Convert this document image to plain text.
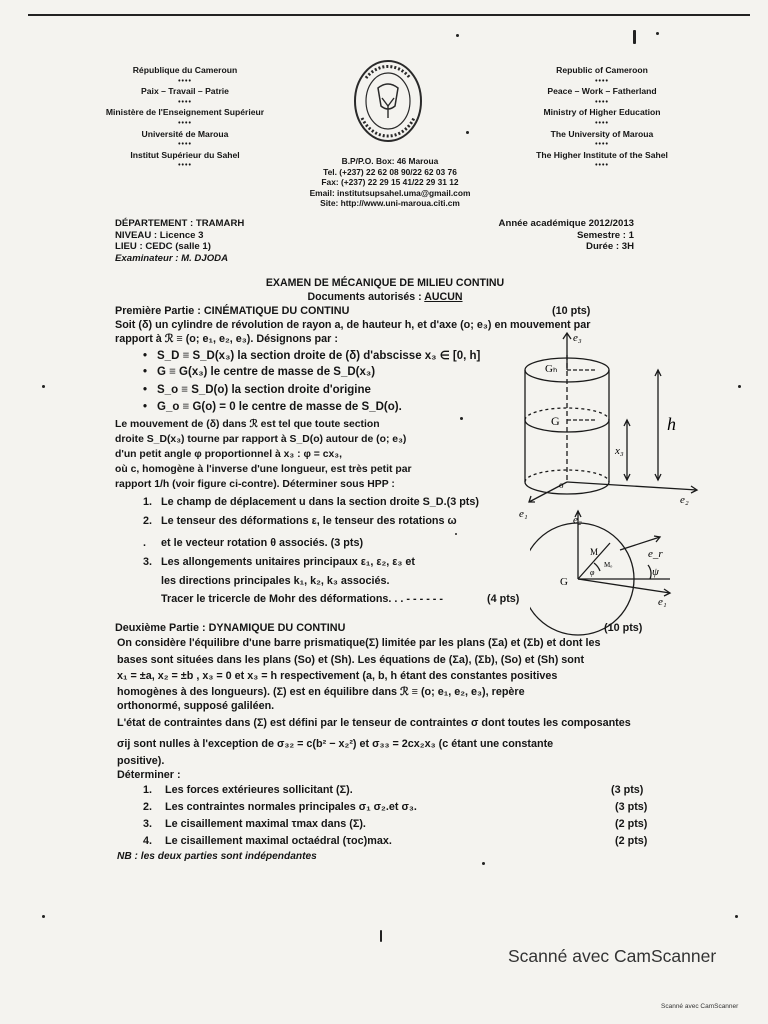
République du Cameroun
••••
Paix – Travail – Patrie
••••
Ministère de l'Enseignement Supérieur
••••
Université de Maroua
••••
Institut Supérieur du Sahel
••••
Republic of Cameroon
••••
Peace – Work – Fatherland
••••
Ministry of Higher Education
••••
The University of Maroua
••••
The Higher Institute of the Sahel
••••
B.P/P.O. Box: 46 Maroua
Tel. (+237) 22 62 08 90/22 62 03 76
Fax: (+237) 22 29 15 41/22 29 31 12
Email: institutsupsahel.uma@gmail.com
Site: http://www.uni-maroua.citi.cm
DÉPARTEMENT : TRAMARH
NIVEAU : Licence 3
LIEU : CEDC (salle 1)
Examinateur : M. DJODA
Année académique 2012/2013
Semestre : 1
Durée : 3H
EXAMEN DE MÉCANIQUE DE MILIEU CONTINU
Documents autorisés : AUCUN
Première Partie : CINÉMATIQUE DU CONTINU	(10 pts)
Soit (δ) un cylindre de révolution de rayon a, de hauteur h, et d'axe (o; e₃) en mouvement par
rapport à ℛ ≡ (o; e₁, e₂, e₃). Désignons par :
• S_D ≡ S_D(x₃) la section droite de (δ) d'abscisse x₃ ∈ [0, h]
• G ≡ G(x₃) le centre de masse de S_D(x₃)
• S_o ≡ S_D(o) la section droite d'origine
• G_o ≡ G(o) = 0 le centre de masse de S_D(o).
Le mouvement de (δ) dans ℛ est tel que toute section
droite S_D(x₃) tourne par rapport à S_D(o) autour de (o; e₃)
d'un petit angle φ proportionnel à x₃ : φ = cx₃,
où c, homogène à l'inverse d'une longueur, est très petit par
rapport 1/h (voir figure ci-contre). Déterminer sous HPP :
1. Le champ de déplacement u dans la section droite S_D.(3 pts)
2. Le tenseur des déformations ε, le tenseur des rotations ω
. et le vecteur rotation θ associés. (3 pts)
3. Les allongements unitaires principaux ε₁, ε₂, ε₃ et
les directions principales k₁, k₂, k₃ associés.
Tracer le tricercle de Mohr des déformations. . . - - - - - -	(4 pts)
e₃
Gₕ
G	h
x₃
o
e₂
e₁	e₂
e_r
e₁
M
G
ψ
Mₒ
φ
Deuxième Partie : DYNAMIQUE DU CONTINU	(10 pts)
On considère l'équilibre d'une barre prismatique(Σ) limitée par les plans (Σa) et (Σb) et dont les
bases sont situées dans les plans (So) et (Sh). Les équations de (Σa), (Σb), (So) et (Sh) sont
x₁ = ±a, x₂ = ±b , x₃ = 0 et x₃ = h respectivement (a, b, h étant des constantes positives
homogènes à des longueurs). (Σ) est en équilibre dans ℛ ≡ (o; e₁, e₂, e₃), repère
orthonormé, supposé galiléen.
L'état de contraintes dans (Σ) est défini par le tenseur de contraintes σ dont toutes les composantes
σij sont nulles à l'exception de σ₃₂ = c(b² − x₂²) et σ₃₃ = 2cx₂x₃ (c étant une constante
positive).
Déterminer :
1. Les forces extérieures sollicitant (Σ).	(3 pts)
2. Les contraintes normales principales σ₁ σ₂.et σ₃.	(3 pts)
3. Le cisaillement maximal τmax dans (Σ).	(2 pts)
4. Le cisaillement maximal octaédral (τoc)max.	(2 pts)
NB : les deux parties sont indépendantes
Scanné avec CamScanner
Scanné avec CamScanner
